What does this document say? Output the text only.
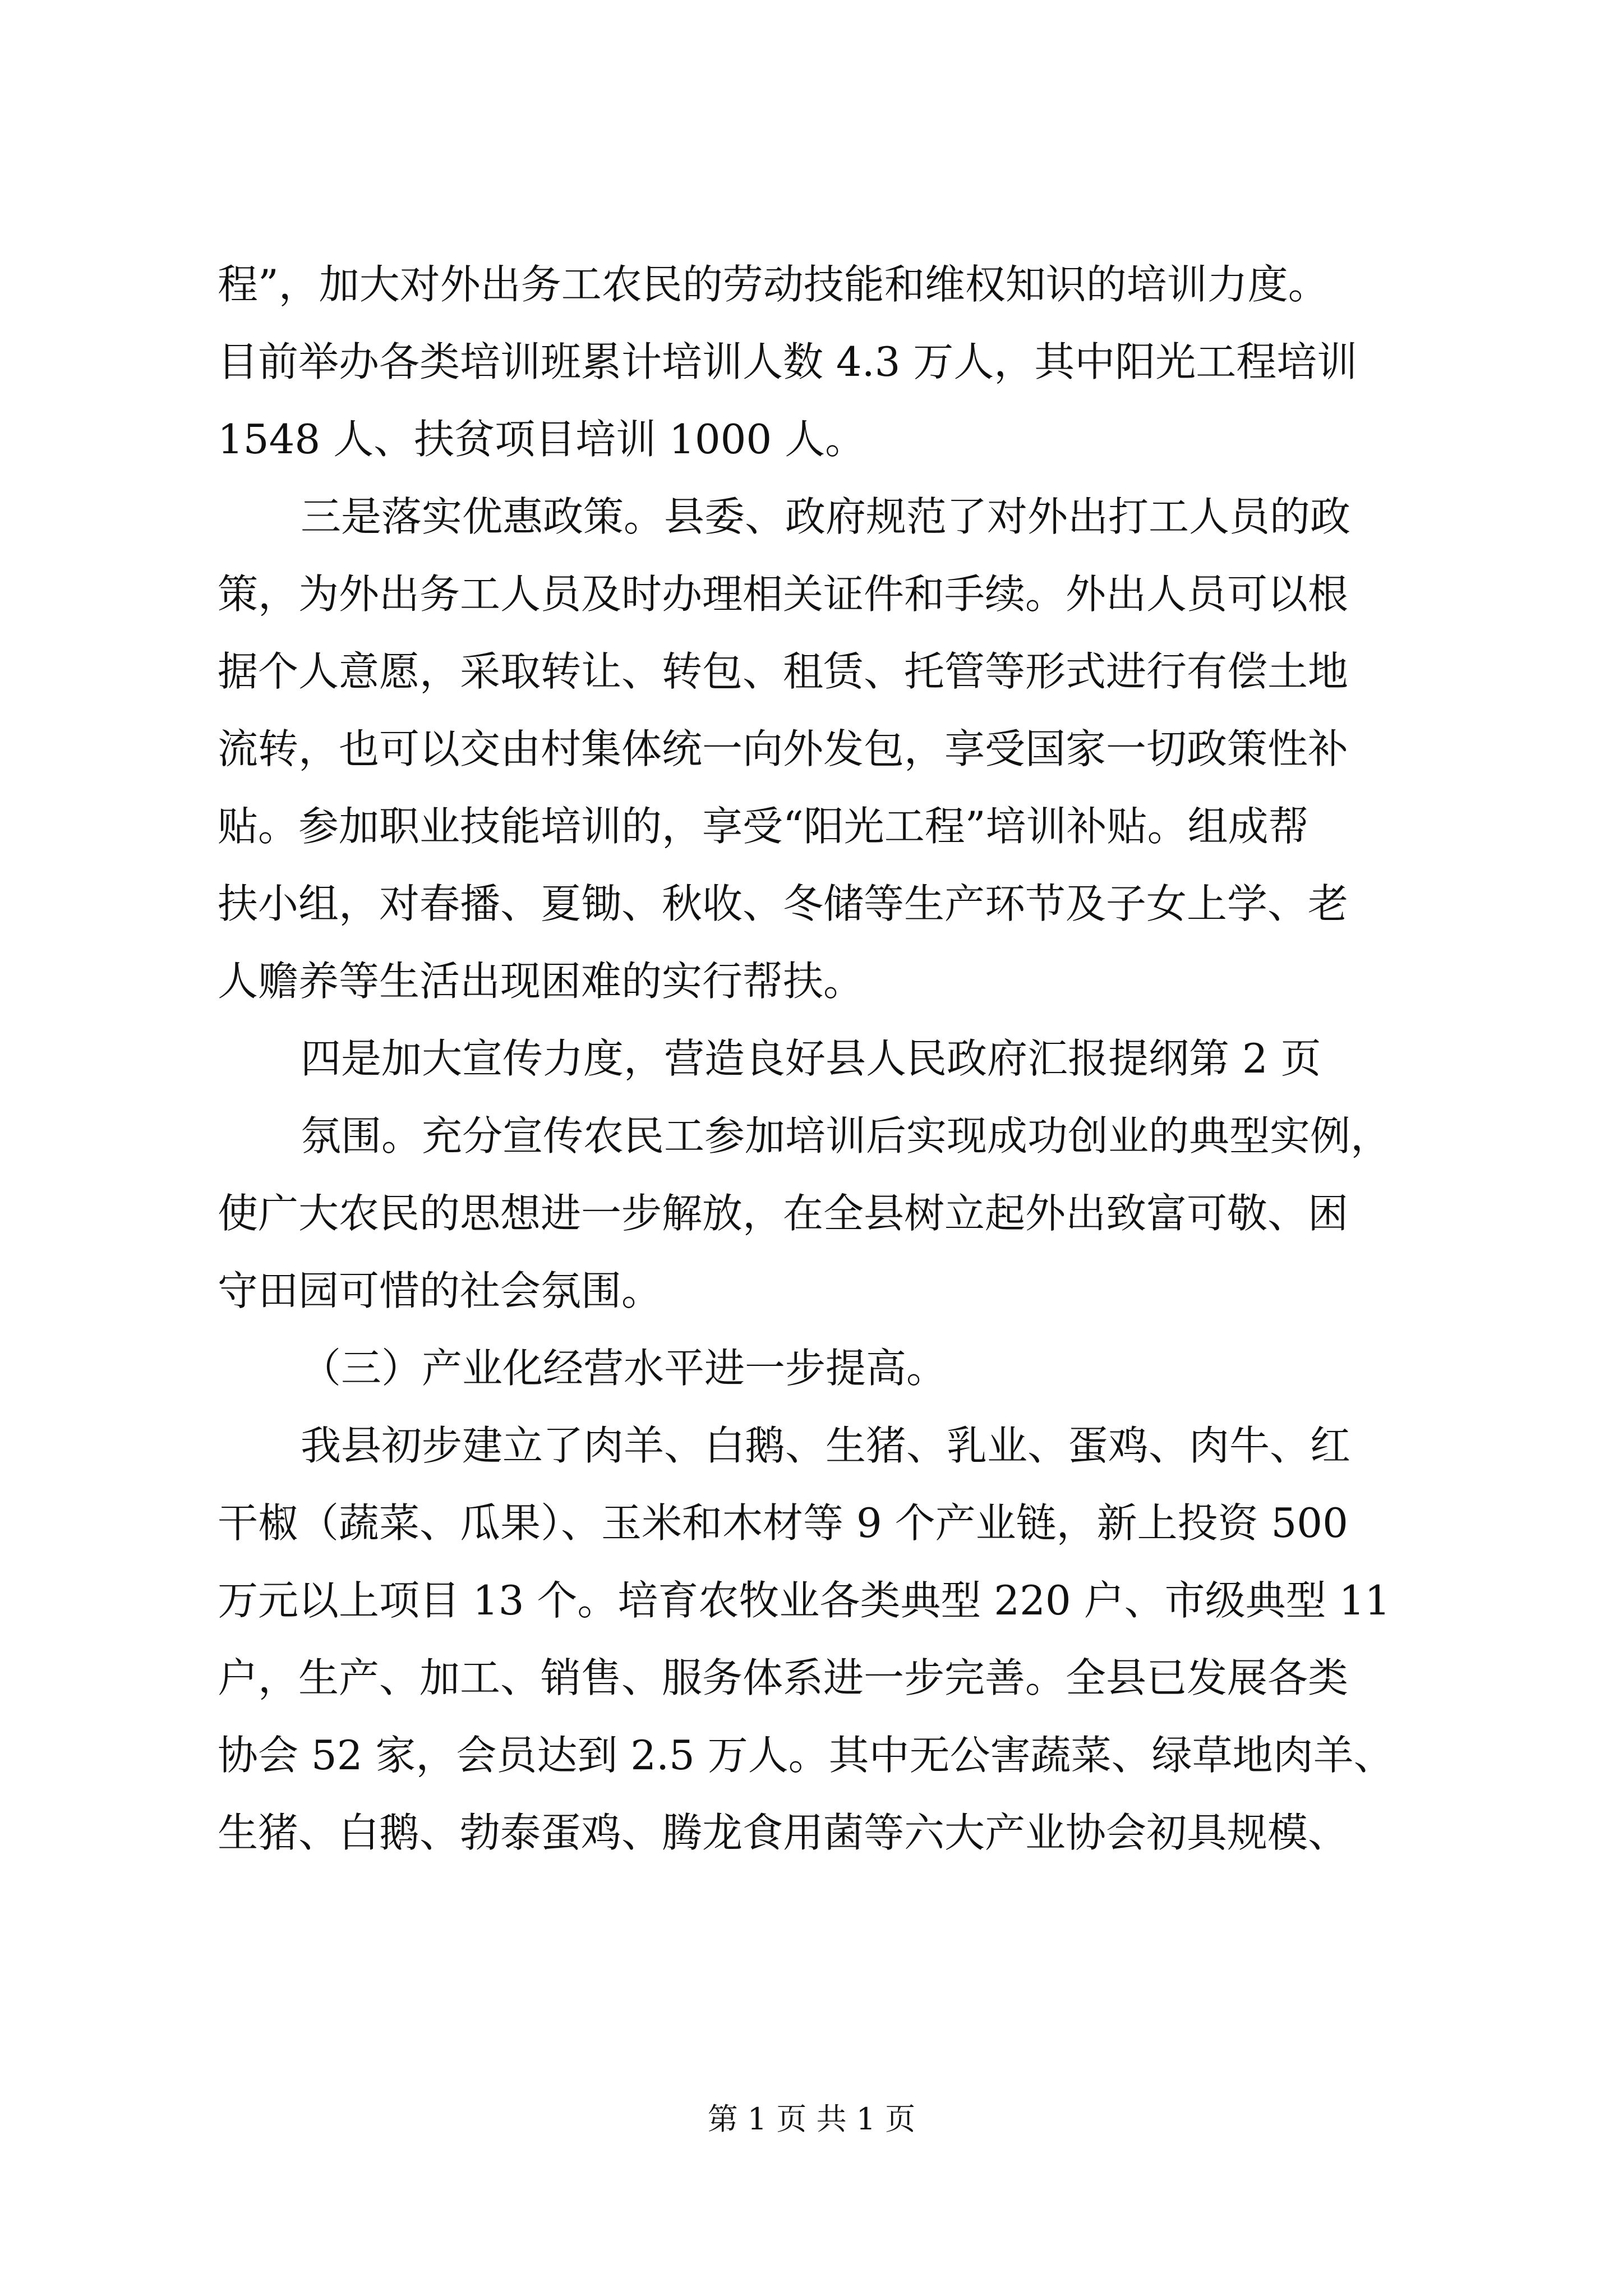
程”，加大对外出务工农民的劳动技能和维权知识的培训力度。
目前举办各类培训班累计培训人数 4.3 万人，其中阳光工程培训
1548 人、扶贫项目培训 1000 人。
三是落实优惠政策。县委、政府规范了对外出打工人员的政
策，为外出务工人员及时办理相关证件和手续。外出人员可以根
据个人意愿，采取转让、转包、租赁、托管等形式进行有偿土地
流转，也可以交由村集体统一向外发包，享受国家一切政策性补
贴。参加职业技能培训的，享受“阳光工程”培训补贴。组成帮
扶小组，对春播、夏锄、秋收、冬储等生产环节及子女上学、老
人赡养等生活出现困难的实行帮扶。
四是加大宣传力度，营造良好县人民政府汇报提纲第 2 页
氛围。充分宣传农民工参加培训后实现成功创业的典型实例，
使广大农民的思想进一步解放，在全县树立起外出致富可敬、困
守田园可惜的社会氛围。
（三）产业化经营水平进一步提高。
我县初步建立了肉羊、白鹅、生猪、乳业、蛋鸡、肉牛、红
干椒（蔬菜、瓜果）、玉米和木材等 9 个产业链，新上投资 500
万元以上项目 13 个。培育农牧业各类典型 220 户、市级典型 11
户，生产、加工、销售、服务体系进一步完善。全县已发展各类
协会 52 家，会员达到 2.5 万人。其中无公害蔬菜、绿草地肉羊、
生猪、白鹅、勃泰蛋鸡、腾龙食用菌等六大产业协会初具规模、
第 1 页 共 1 页
